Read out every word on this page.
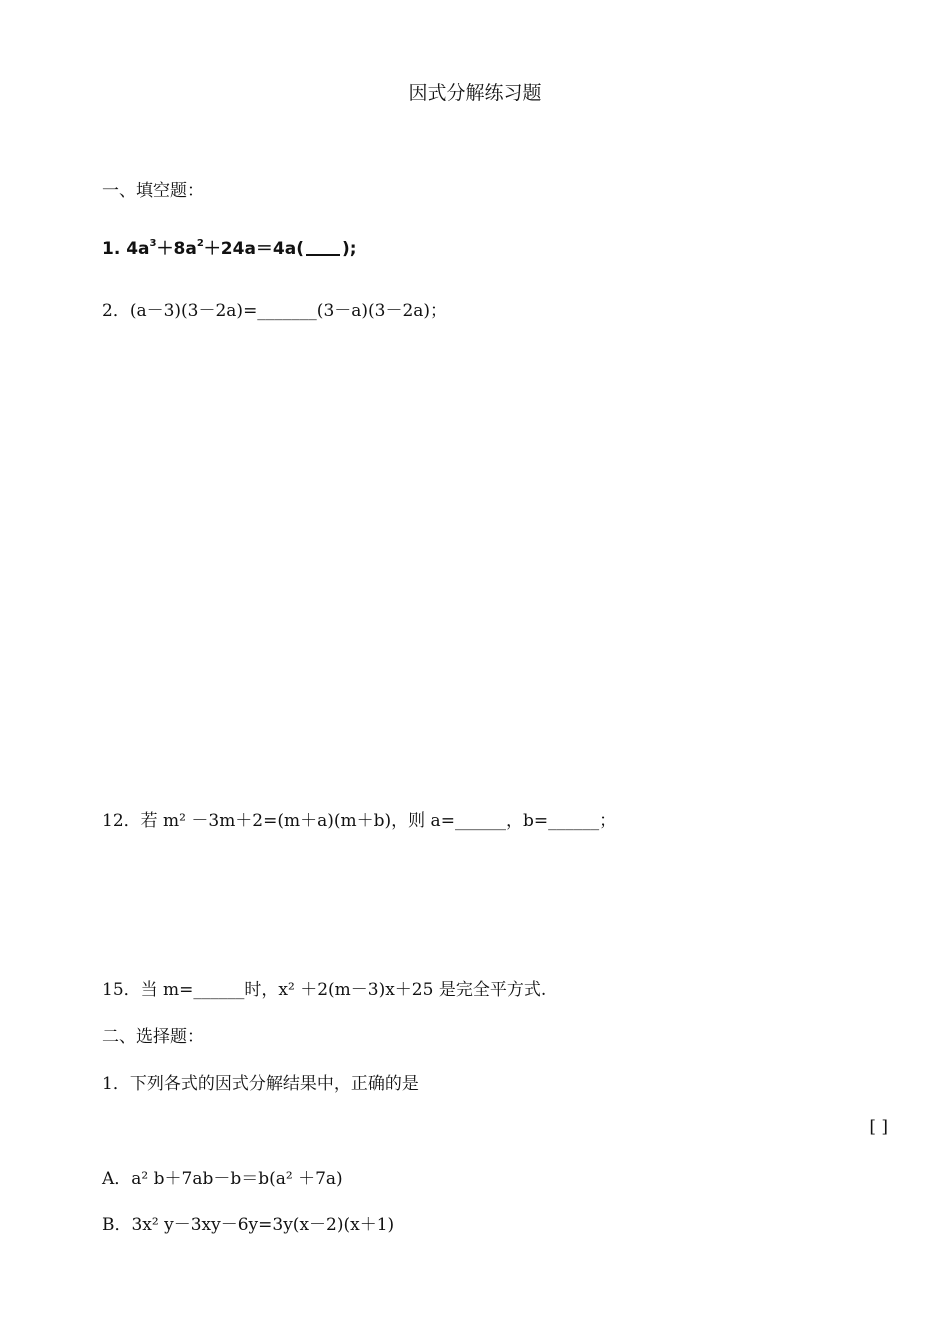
因式分解练习题
一、填空题：
1. $4a^3+8a^2+24a=4a$( );
2．(a－3)(3－2a)=_______(3－a)(3－2a)；
12．若 m² －3m＋2=(m＋a)(m＋b)，则 a=______，b=______；
15．当 m=______时，x² ＋2(m－3)x＋25 是完全平方式.
二、选择题：
1．下列各式的因式分解结果中，正确的是
[ ]
A．a² b＋7ab－b＝b(a² ＋7a)
B．3x² y－3xy－6y=3y(x－2)(x＋1)
